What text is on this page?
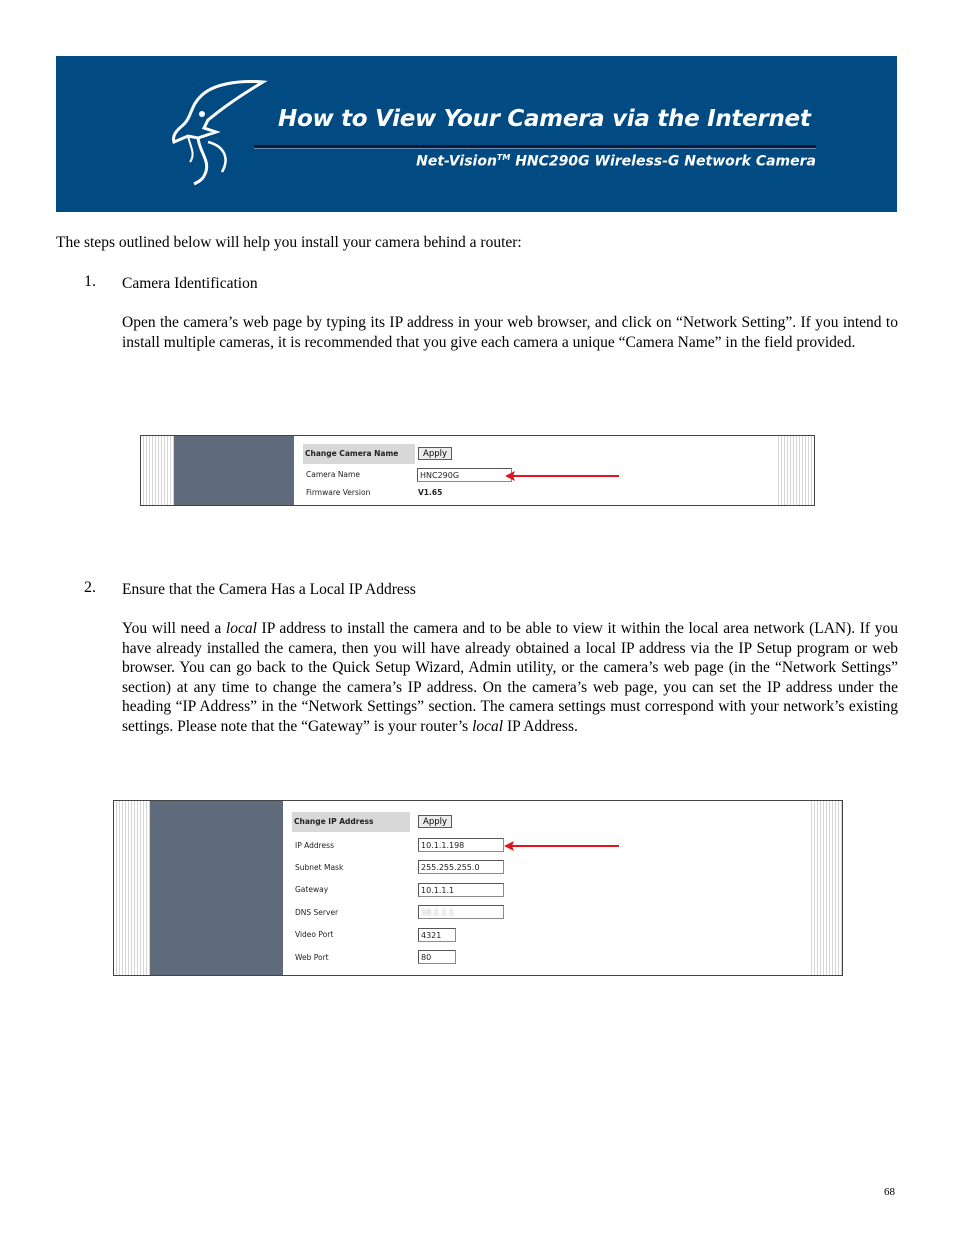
How to View Your Camera via the Internet
Net-Vision™ HNC290G Wireless-G Network Camera
The steps outlined below will help you install your camera behind a router:
1. Camera Identification
Open the camera’s web page by typing its IP address in your web browser, and click on “Network Setting”. If you intend to install multiple cameras, it is recommended that you give each camera a unique “Camera Name” in the field provided.
Change Camera Name	Apply
Camera Name	HNC290G
Firmware Version	V1.65
2. Ensure that the Camera Has a Local IP Address
You will need a local IP address to install the camera and to be able to view it within the local area network (LAN). If you have already installed the camera, then you will have already obtained a local IP address via the IP Setup program or web browser. You can go back to the Quick Setup Wizard, Admin utility, or the camera’s web page (in the “Network Settings” section) at any time to change the camera’s IP address. On the camera’s web page, you can set the IP address under the heading “IP Address” in the “Network Settings” section. The camera settings must correspond with your network’s existing settings. Please note that the “Gateway” is your router’s local IP Address.
Change IP Address	Apply
IP Address	10.1.1.198
Subnet Mask	255.255.255.0
Gateway	10.1.1.1
DNS Server	10.1.1.1
Video Port	4321
Web Port	80
68
